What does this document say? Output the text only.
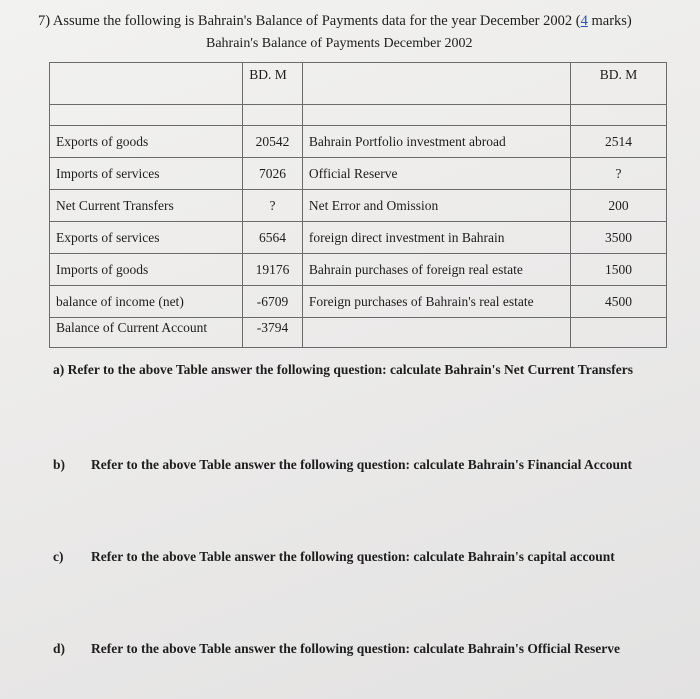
7) Assume the following is Bahrain's Balance of Payments data for the year December 2002 (4 marks)
Bahrain's Balance of Payments December 2002
	BD. M		BD. M

Exports of goods	20542	Bahrain Portfolio investment abroad	2514
Imports of services	7026	Official Reserve	?
Net Current Transfers	?	Net Error and Omission	200
Exports of services	6564	foreign direct investment in Bahrain	3500
Imports of goods	19176	Bahrain purchases of foreign real estate	1500
balance of income (net)	-6709	Foreign purchases of Bahrain's real estate	4500
Balance of Current Account	-3794		
a) Refer to the above Table answer the following question: calculate Bahrain's Net Current Transfers
b) Refer to the above Table answer the following question: calculate Bahrain's Financial Account
c) Refer to the above Table answer the following question: calculate Bahrain's capital account
d) Refer to the above Table answer the following question: calculate Bahrain's Official Reserve
